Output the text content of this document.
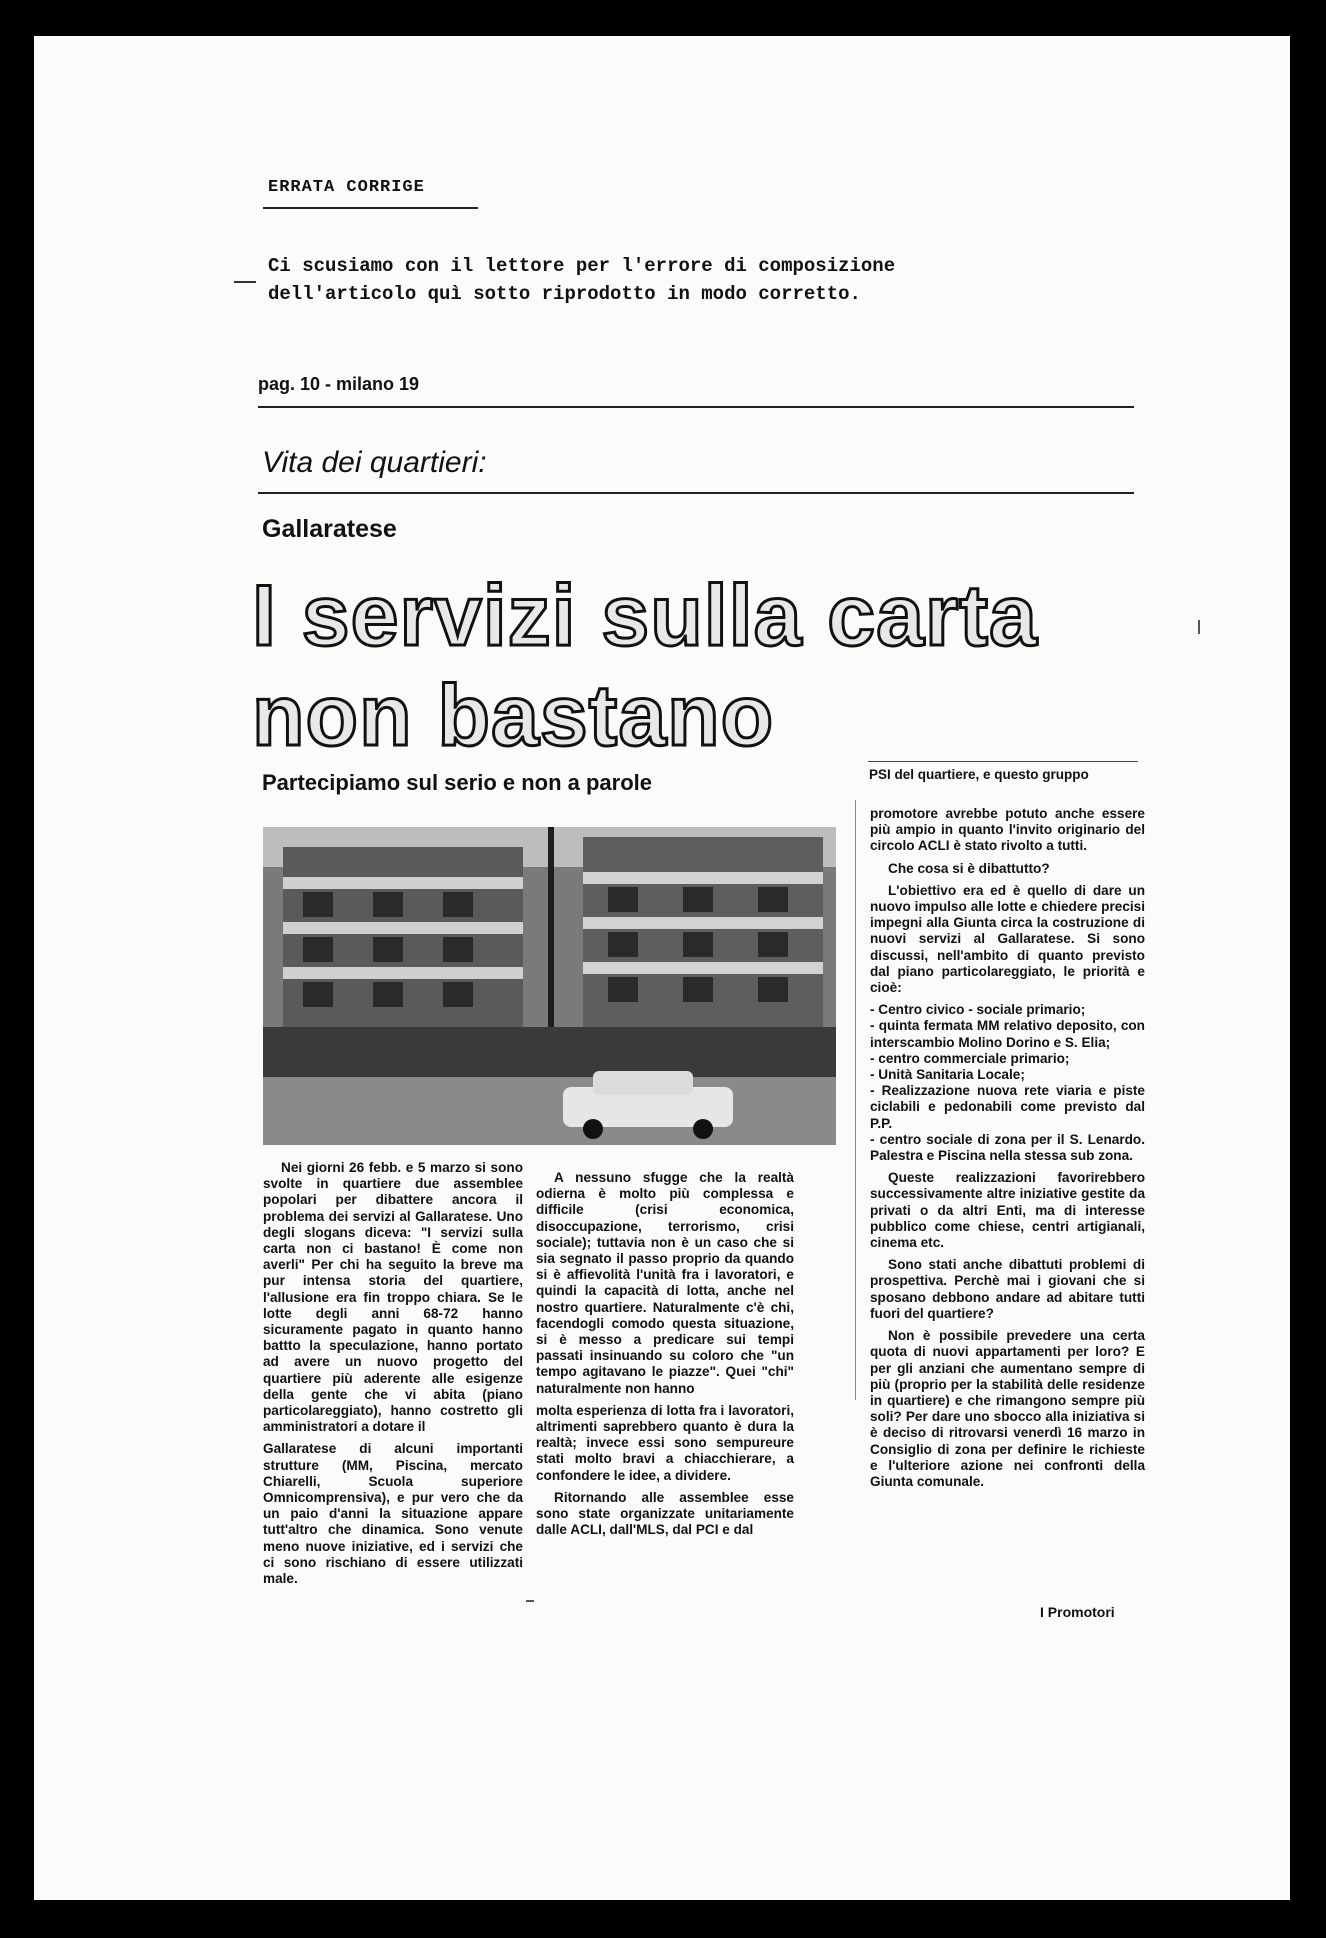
ERRATA CORRIGE
Ci scusiamo con il lettore per l'errore di composizione dell'articolo quì sotto riprodotto in modo corretto.
pag. 10 - milano 19
Vita dei quartieri:
Gallaratese
I servizi sulla carta non bastano
Partecipiamo sul serio e non a parole

Nei giorni 26 febb. e 5 marzo si sono svolte in quartiere due assemblee popolari per dibattere ancora il problema dei servizi al Gallaratese. Uno degli slogans diceva: "I servizi sulla carta non ci bastano! È come non averli" Per chi ha seguito la breve ma pur intensa storia del quartiere, l'allusione era fin troppo chiara. Se le lotte degli anni 68-72 hanno sicuramente pagato in quanto hanno battto la speculazione, hanno portato ad avere un nuovo progetto del quartiere più aderente alle esigenze della gente che vi abita (piano particolareggiato), hanno costretto gli amministratori a dotare il

Gallaratese di alcuni importanti strutture (MM, Piscina, mercato Chiarelli, Scuola superiore Omnicomprensiva), e pur vero che da un paio d'anni la situazione appare tutt'altro che dinamica. Sono venute meno nuove iniziative, ed i servizi che ci sono rischiano di essere utilizzati male.

A nessuno sfugge che la realtà odierna è molto più complessa e difficile (crisi economica, disoccupazione, terrorismo, crisi sociale); tuttavia non è un caso che si sia segnato il passo proprio da quando si è affievolità l'unità fra i lavoratori, e quindi la capacità di lotta, anche nel nostro quartiere. Naturalmente c'è chi, facendogli comodo questa situazione, si è messo a predicare sui tempi passati insinuando su coloro che "un tempo agitavano le piazze". Quei "chi" naturalmente non hanno

molta esperienza di lotta fra i lavoratori, altrimenti saprebbero quanto è dura la realtà; invece essi sono sempureure stati molto bravi a chiacchierare, a confondere le idee, a dividere.

Ritornando alle assemblee esse sono state organizzate unitariamente dalle ACLI, dall'MLS, dal PCI e dal

PSI del quartiere, e questo gruppo

promotore avrebbe potuto anche essere più ampio in quanto l'invito originario del circolo ACLI è stato rivolto a tutti.

Che cosa si è dibattutto?

L'obiettivo era ed è quello di dare un nuovo impulso alle lotte e chiedere precisi impegni alla Giunta circa la costruzione di nuovi servizi al Gallaratese. Si sono discussi, nell'ambito di quanto previsto dal piano particolareggiato, le priorità e cioè:

- Centro civico - sociale primario;
- quinta fermata MM relativo deposito, con interscambio Molino Dorino e S. Elia;
- centro commerciale primario;
- Unità Sanitaria Locale;
- Realizzazione nuova rete viaria e piste ciclabili e pedonabili come previsto dal P.P.
- centro sociale di zona per il S. Lenardo. Palestra e Piscina nella stessa sub zona.

Queste realizzazioni favorirebbero successivamente altre iniziative gestite da privati o da altri Enti, ma di interesse pubblico come chiese, centri artigianali, cinema etc.

Sono stati anche dibattuti problemi di prospettiva. Perchè mai i giovani che si sposano debbono andare ad abitare tutti fuori del quartiere?

Non è possibile prevedere una certa quota di nuovi appartamenti per loro? E per gli anziani che aumentano sempre di più (proprio per la stabilità delle residenze in quartiere) e che rimangono sempre più soli? Per dare uno sbocco alla iniziativa si è deciso di ritrovarsi venerdì 16 marzo in Consiglio di zona per definire le richieste e l'ulteriore azione nei confronti della Giunta comunale.

I Promotori
